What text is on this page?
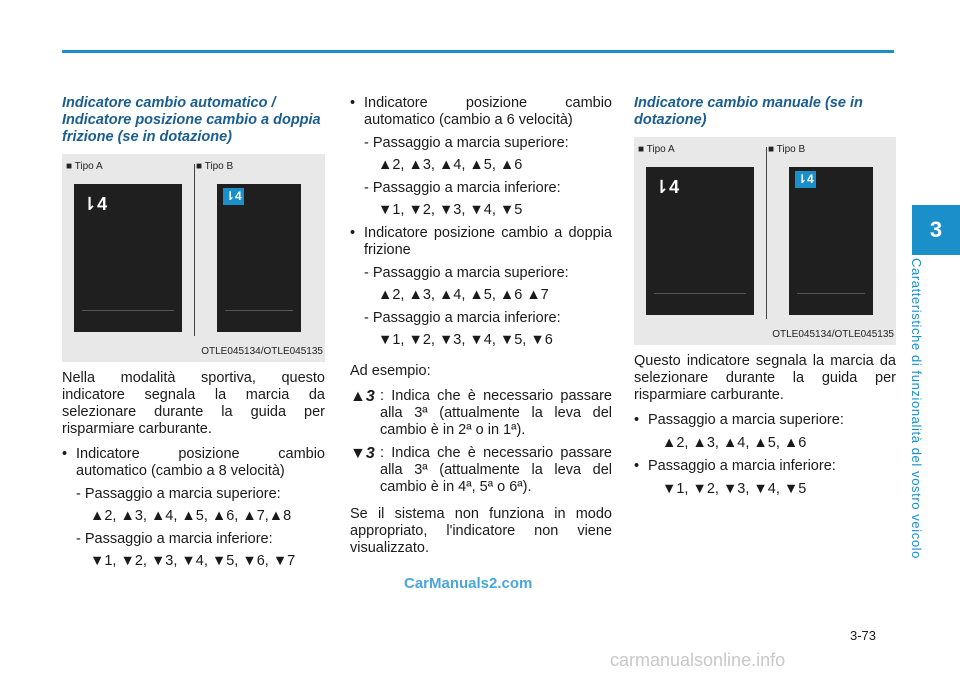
3
Caratteristiche di funzionalità del vostro veicolo
3-73
Indicatore cambio automatico / Indicatore posizione cambio a doppia frizione (se in dotazione)
■ Tipo A	■ Tipo B
⇂4	⇂4
OTLE045134/OTLE045135

Nella modalità sportiva, questo indicatore segnala la marcia da selezionare durante la guida per risparmiare carburante.

• Indicatore posizione cambio automatico (cambio a 8 velocità)
- Passaggio a marcia superiore:
▲2, ▲3, ▲4, ▲5, ▲6, ▲7,▲8
- Passaggio a marcia inferiore:
▼1, ▼2, ▼3, ▼4, ▼5, ▼6, ▼7
• Indicatore posizione cambio automatico (cambio a 6 velocità)
- Passaggio a marcia superiore:
▲2, ▲3, ▲4, ▲5, ▲6
- Passaggio a marcia inferiore:
▼1, ▼2, ▼3, ▼4, ▼5
• Indicatore posizione cambio a doppia frizione
- Passaggio a marcia superiore:
▲2, ▲3, ▲4, ▲5, ▲6 ▲7
- Passaggio a marcia inferiore:
▼1, ▼2, ▼3, ▼4, ▼5, ▼6

Ad esempio:

▲3 : Indica che è necessario passare alla 3ª (attualmente la leva del cambio è in 2ª o in 1ª).
▼3 : Indica che è necessario passare alla 3ª (attualmente la leva del cambio è in 4ª, 5ª o 6ª).

Se il sistema non funziona in modo appropriato, l'indicatore non viene visualizzato.

Indicatore cambio manuale (se in dotazione)
■ Tipo A	■ Tipo B
⇂4	⇂4
OTLE045134/OTLE045135

Questo indicatore segnala la marcia da selezionare durante la guida per risparmiare carburante.

• Passaggio a marcia superiore:
▲2, ▲3, ▲4, ▲5, ▲6
• Passaggio a marcia inferiore:
▼1, ▼2, ▼3, ▼4, ▼5
CarManuals2.com
carmanualsonline.info
